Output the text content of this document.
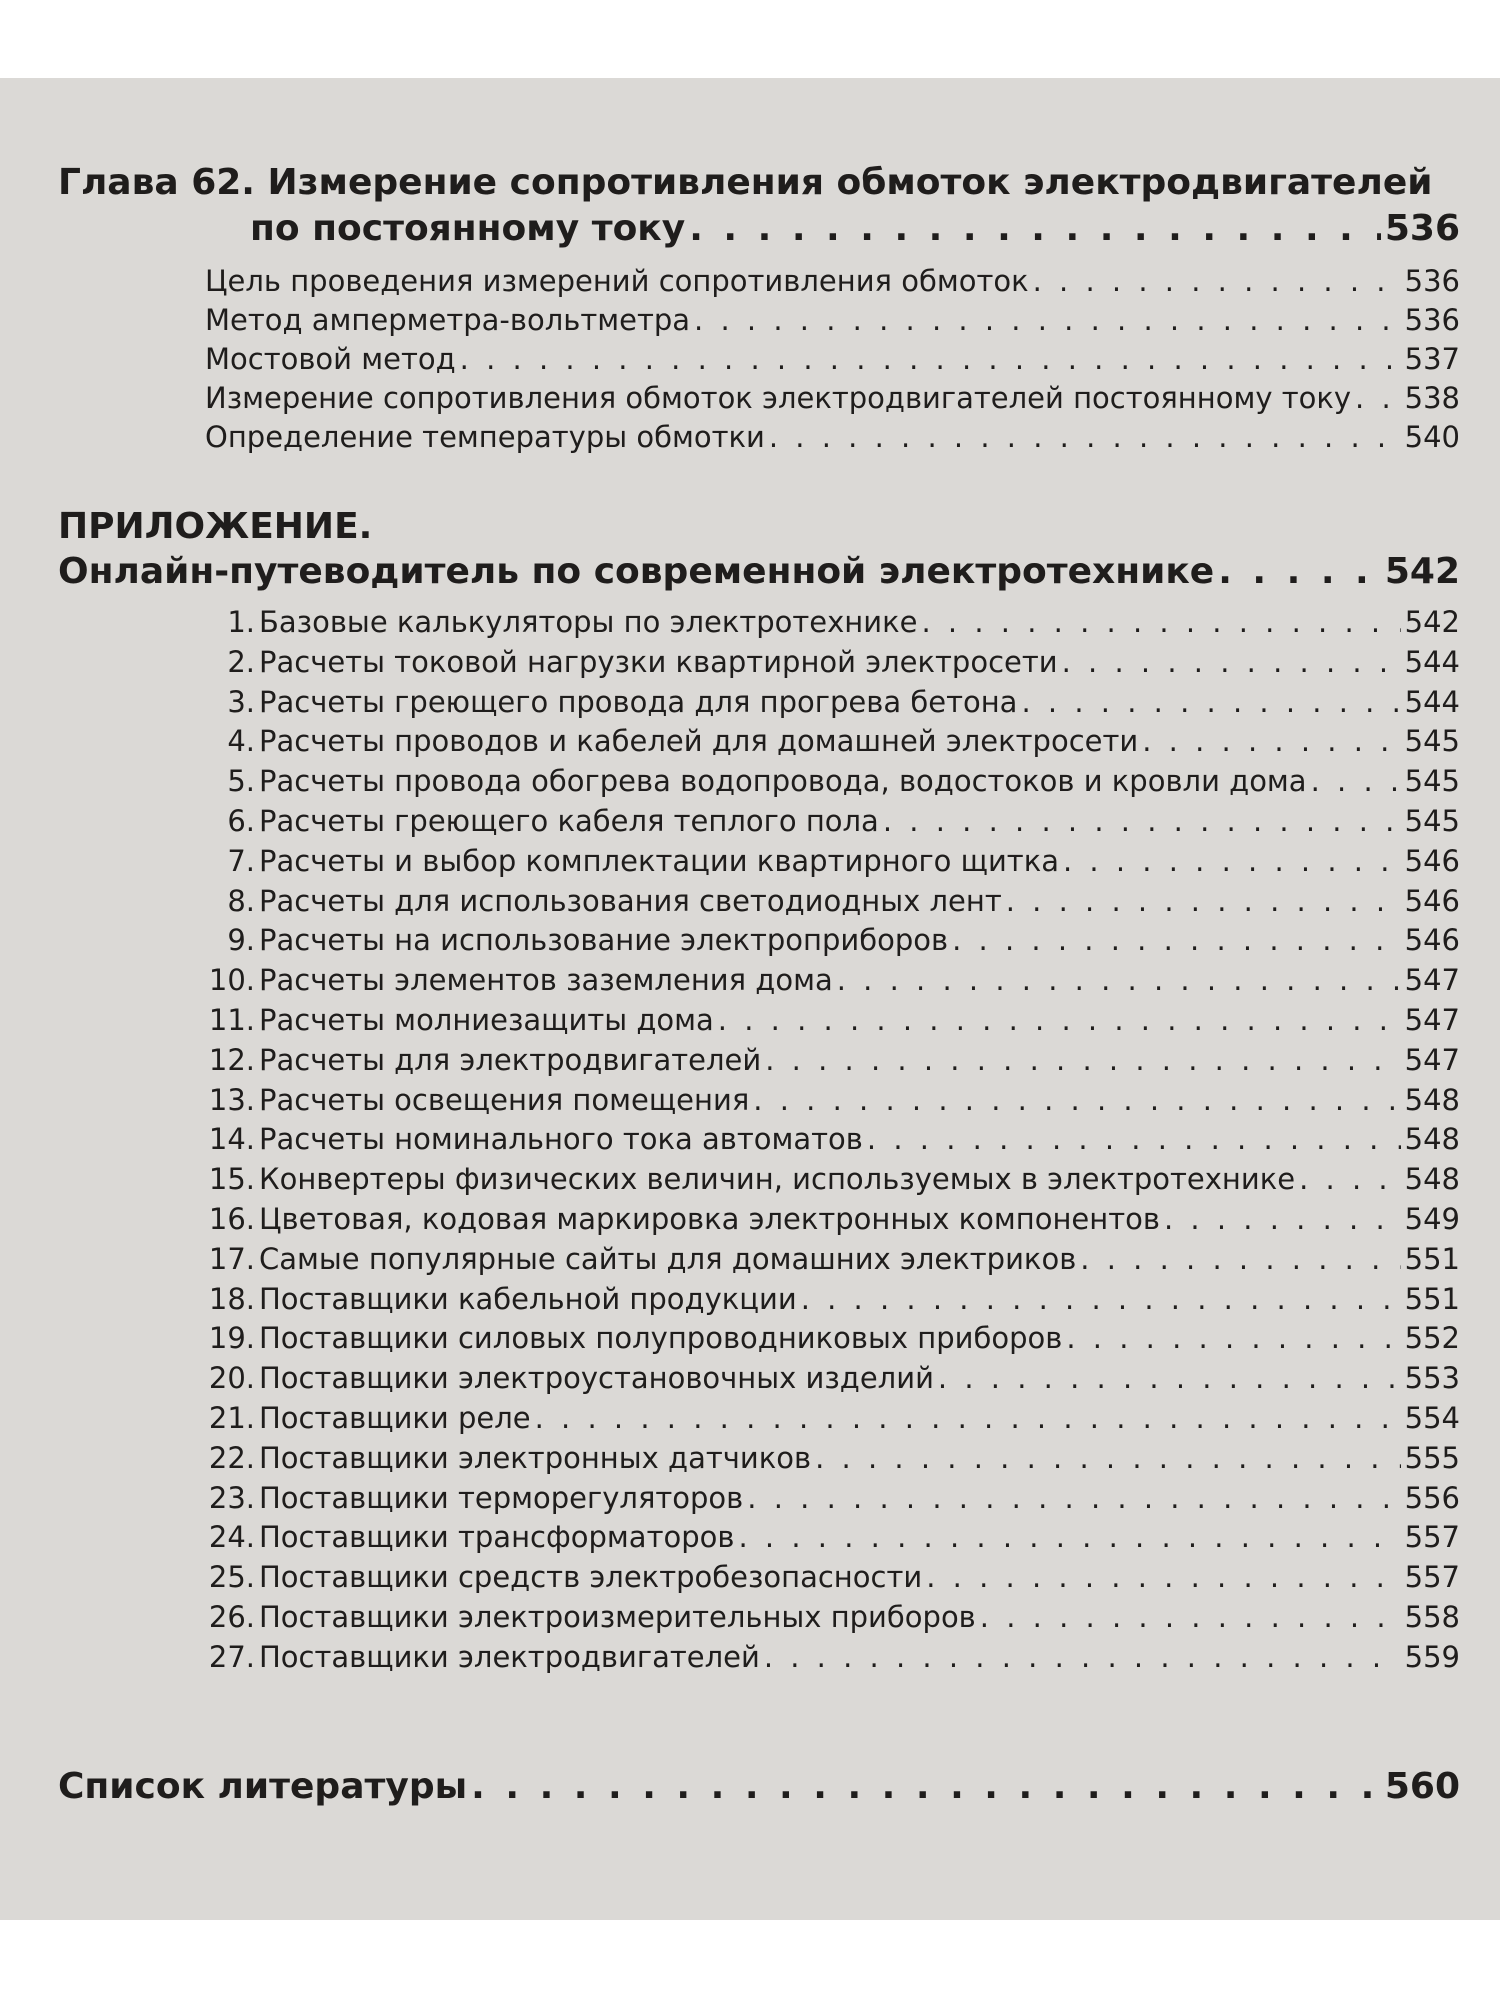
Глава 62. Измерение сопротивления обмоток электродвигателей
по постоянному току . . .	536
Цель проведения измерений сопротивления обмоток . . .	536
Метод амперметра-вольтметра . . .	536
Мостовой метод . . .	537
Измерение сопротивления обмоток электродвигателей постоянному току . . . 538
Определение температуры обмотки . . .	540
ПРИЛОЖЕНИЕ.
Онлайн-путеводитель по современной электротехнике . . .	542
1. Базовые калькуляторы по электротехнике . . .	542
2. Расчеты токовой нагрузки квартирной электросети . . .	544
3. Расчеты греющего провода для прогрева бетона . . .	544
4. Расчеты проводов и кабелей для домашней электросети . . .	545
5. Расчеты провода обогрева водопровода, водостоков и кровли дома . . .	545
6. Расчеты греющего кабеля теплого пола . . .	545
7. Расчеты и выбор комплектации квартирного щитка . . .	546
8. Расчеты для использования светодиодных лент . . .	546
9. Расчеты на использование электроприборов . . .	546
10. Расчеты элементов заземления дома . . .	547
11. Расчеты молниезащиты дома . . .	547
12. Расчеты для электродвигателей . . .	547
13. Расчеты освещения помещения . . .	548
14. Расчеты номинального тока автоматов . . .	548
15. Конвертеры физических величин, используемых в электротехнике . . .	548
16. Цветовая, кодовая маркировка электронных компонентов . . .	549
17. Самые популярные сайты для домашних электриков . . .	551
18. Поставщики кабельной продукции . . .	551
19. Поставщики силовых полупроводниковых приборов . . .	552
20. Поставщики электроустановочных изделий . . .	553
21. Поставщики реле . . .	554
22. Поставщики электронных датчиков . . .	555
23. Поставщики терморегуляторов . . .	556
24. Поставщики трансформаторов . . .	557
25. Поставщики средств электробезопасности . . .	557
26. Поставщики электроизмерительных приборов . . .	558
27. Поставщики электродвигателей . . .	559
Список литературы . . .	560
